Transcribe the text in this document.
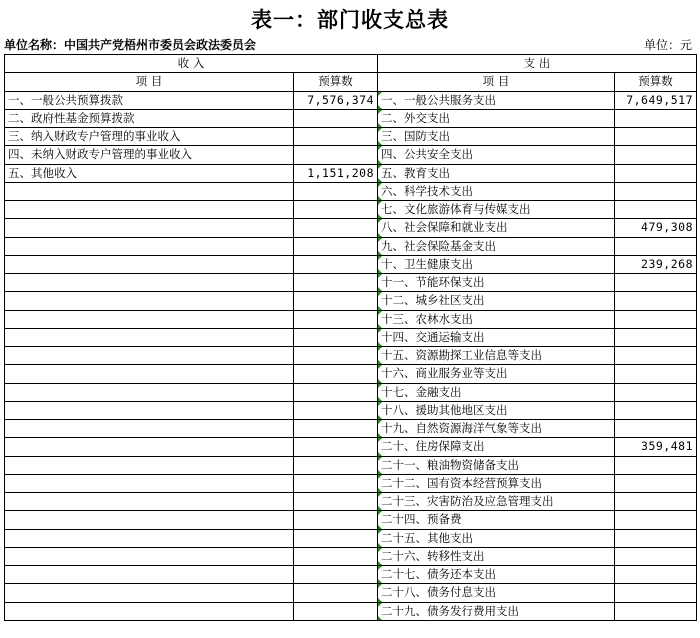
表一：部门收支总表
单位名称：中国共产党梧州市委员会政法委员会	单位：元
收 入		支 出	
项 目	预算数	项 目	预算数
一、一般公共预算拨款	7,576,374	一、一般公共服务支出	7,649,517
二、政府性基金预算拨款		二、外交支出	
三、纳入财政专户管理的事业收入		三、国防支出	
四、未纳入财政专户管理的事业收入		四、公共安全支出	
五、其他收入	1,151,208	五、教育支出	
		六、科学技术支出	
		七、文化旅游体育与传媒支出	
		八、社会保障和就业支出	479,308
		九、社会保险基金支出	
		十、卫生健康支出	239,268
		十一、节能环保支出	
		十二、城乡社区支出	
		十三、农林水支出	
		十四、交通运输支出	
		十五、资源勘探工业信息等支出	
		十六、商业服务业等支出	
		十七、金融支出	
		十八、援助其他地区支出	
		十九、自然资源海洋气象等支出	
		二十、住房保障支出	359,481
		二十一、粮油物资储备支出	
		二十二、国有资本经营预算支出	
		二十三、灾害防治及应急管理支出	
		二十四、预备费	
		二十五、其他支出	
		二十六、转移性支出	
		二十七、债务还本支出	
		二十八、债务付息支出	
		二十九、债务发行费用支出	
